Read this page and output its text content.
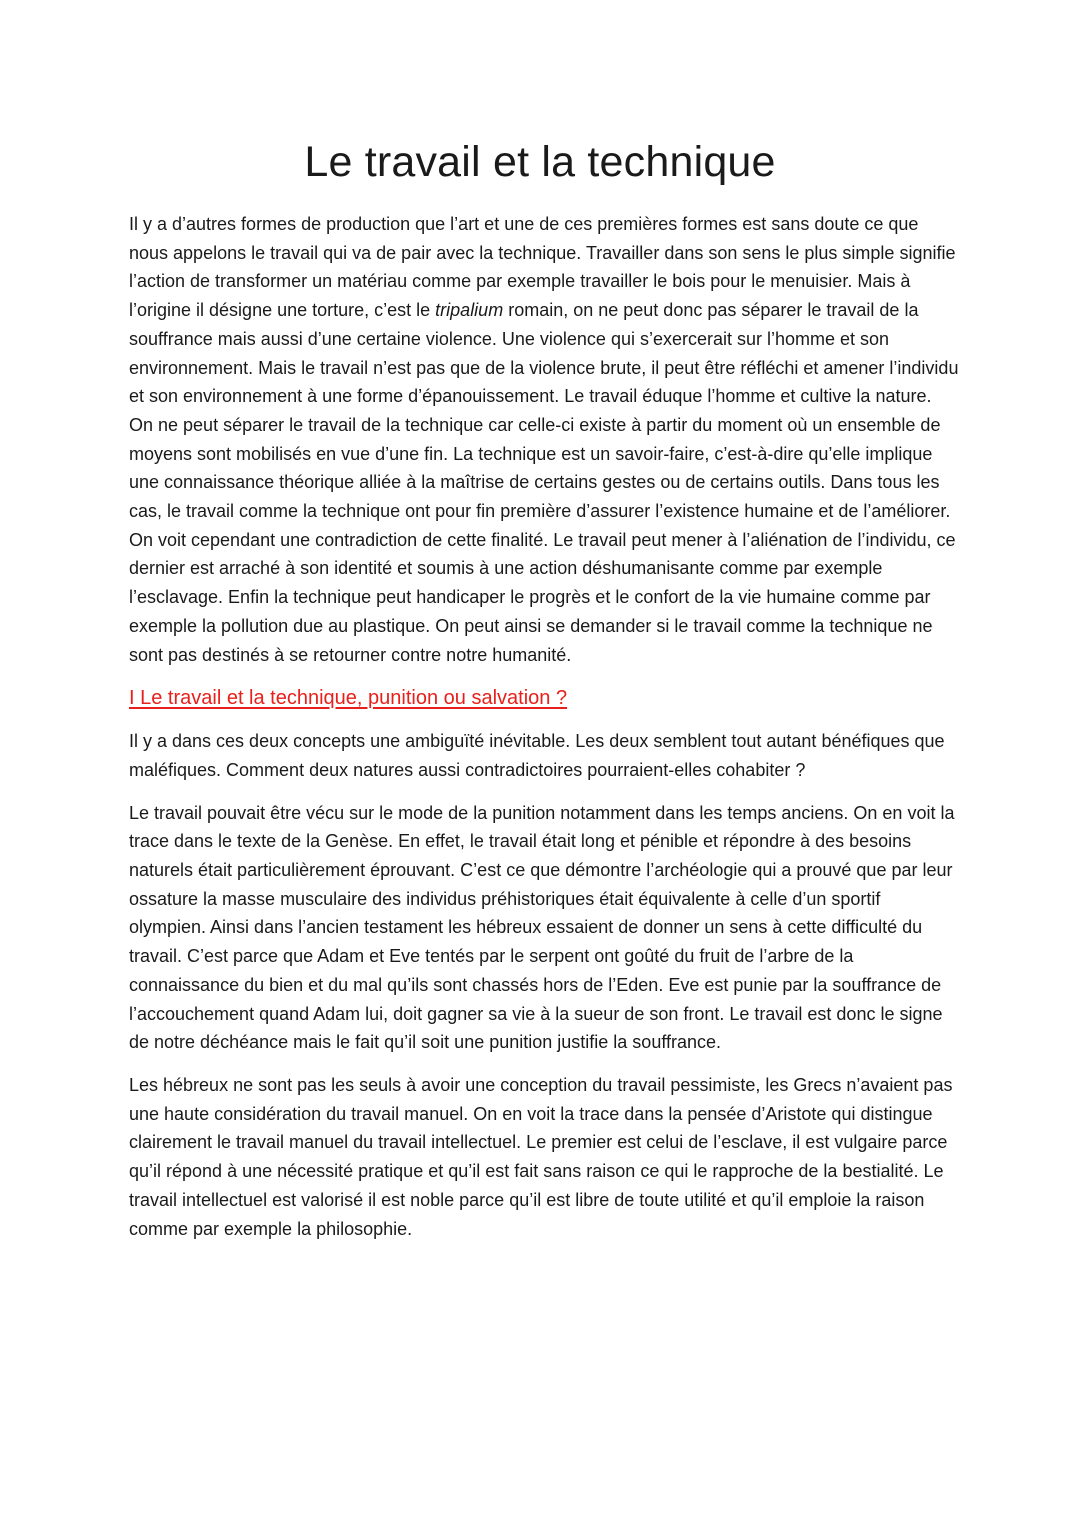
Le travail et la technique

Il y a d’autres formes de production que l’art et une de ces premières formes est sans doute ce que nous appelons le travail qui va de pair avec la technique. Travailler dans son sens le plus simple signifie l’action de transformer un matériau comme par exemple travailler le bois pour le menuisier. Mais à l’origine il désigne une torture, c’est le tripalium romain, on ne peut donc pas séparer le travail de la souffrance mais aussi d’une certaine violence. Une violence qui s’exercerait sur l’homme et son environnement. Mais le travail n’est pas que de la violence brute, il peut être réfléchi et amener l’individu et son environnement à une forme d’épanouissement. Le travail éduque l’homme et cultive la nature. On ne peut séparer le travail de la technique car celle-ci existe à partir du moment où un ensemble de moyens sont mobilisés en vue d’une fin. La technique est un savoir-faire, c’est-à-dire qu’elle implique une connaissance théorique alliée à la maîtrise de certains gestes ou de certains outils. Dans tous les cas, le travail comme la technique ont pour fin première d’assurer l’existence humaine et de l’améliorer. On voit cependant une contradiction de cette finalité. Le travail peut mener à l’aliénation de l’individu, ce dernier est arraché à son identité et soumis à une action déshumanisante comme par exemple l’esclavage. Enfin la technique peut handicaper le progrès et le confort de la vie humaine comme par exemple la pollution due au plastique. On peut ainsi se demander si le travail comme la technique ne sont pas destinés à se retourner contre notre humanité.

I Le travail et la technique, punition ou salvation ?

Il y a dans ces deux concepts une ambiguïté inévitable. Les deux semblent tout autant bénéfiques que maléfiques. Comment deux natures aussi contradictoires pourraient-elles cohabiter ?

Le travail pouvait être vécu sur le mode de la punition notamment dans les temps anciens. On en voit la trace dans le texte de la Genèse. En effet, le travail était long et pénible et répondre à des besoins naturels était particulièrement éprouvant. C’est ce que démontre l’archéologie qui a prouvé que par leur ossature la masse musculaire des individus préhistoriques était équivalente à celle d’un sportif olympien. Ainsi dans l’ancien testament les hébreux essaient de donner un sens à cette difficulté du travail. C’est parce que Adam et Eve tentés par le serpent ont goûté du fruit de l’arbre de la connaissance du bien et du mal qu’ils sont chassés hors de l’Eden. Eve est punie par la souffrance de l’accouchement quand Adam lui, doit gagner sa vie à la sueur de son front. Le travail est donc le signe de notre déchéance mais le fait qu’il soit une punition justifie la souffrance.

Les hébreux ne sont pas les seuls à avoir une conception du travail pessimiste, les Grecs n’avaient pas une haute considération du travail manuel. On en voit la trace dans la pensée d’Aristote qui distingue clairement le travail manuel du travail intellectuel. Le premier est celui de l’esclave, il est vulgaire parce qu’il répond à une nécessité pratique et qu’il est fait sans raison ce qui le rapproche de la bestialité. Le travail intellectuel est valorisé il est noble parce qu’il est libre de toute utilité et qu’il emploie la raison comme par exemple la philosophie.
